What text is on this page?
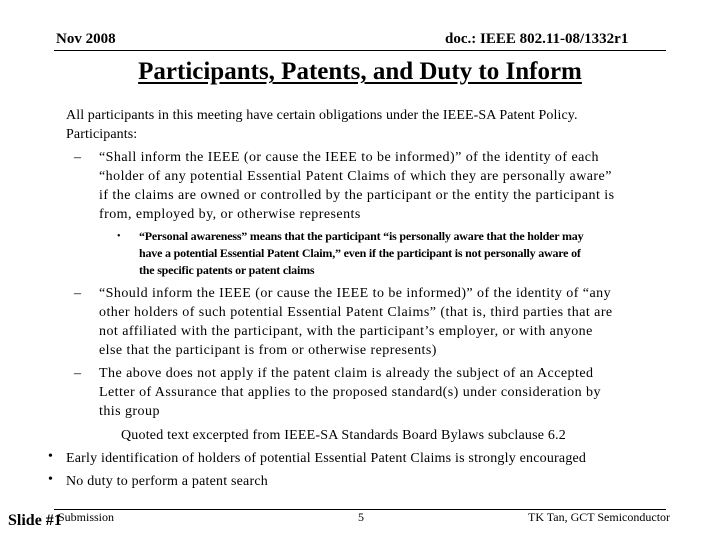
Nov 2008	doc.: IEEE 802.11-08/1332r1
Participants, Patents, and Duty to Inform
All participants in this meeting have certain obligations under the IEEE-SA Patent Policy.
Participants:
– “Shall inform the IEEE (or cause the IEEE to be informed)” of the identity of each
“holder of any potential Essential Patent Claims of which they are personally aware”
if the claims are owned or controlled by the participant or the entity the participant is
from, employed by, or otherwise represents
• “Personal awareness” means that the participant “is personally aware that the holder may
have a potential Essential Patent Claim,” even if the participant is not personally aware of
the specific patents or patent claims
– “Should inform the IEEE (or cause the IEEE to be informed)” of the identity of “any
other holders of such potential Essential Patent Claims” (that is, third parties that are
not affiliated with the participant, with the participant’s employer, or with anyone
else that the participant is from or otherwise represents)
– The above does not apply if the patent claim is already the subject of an Accepted
Letter of Assurance that applies to the proposed standard(s) under consideration by
this group
Quoted text excerpted from IEEE-SA Standards Board Bylaws subclause 6.2
• Early identification of holders of potential Essential Patent Claims is strongly encouraged
• No duty to perform a patent search
Submission
Slide #1	5	TK Tan, GCT Semiconductor
